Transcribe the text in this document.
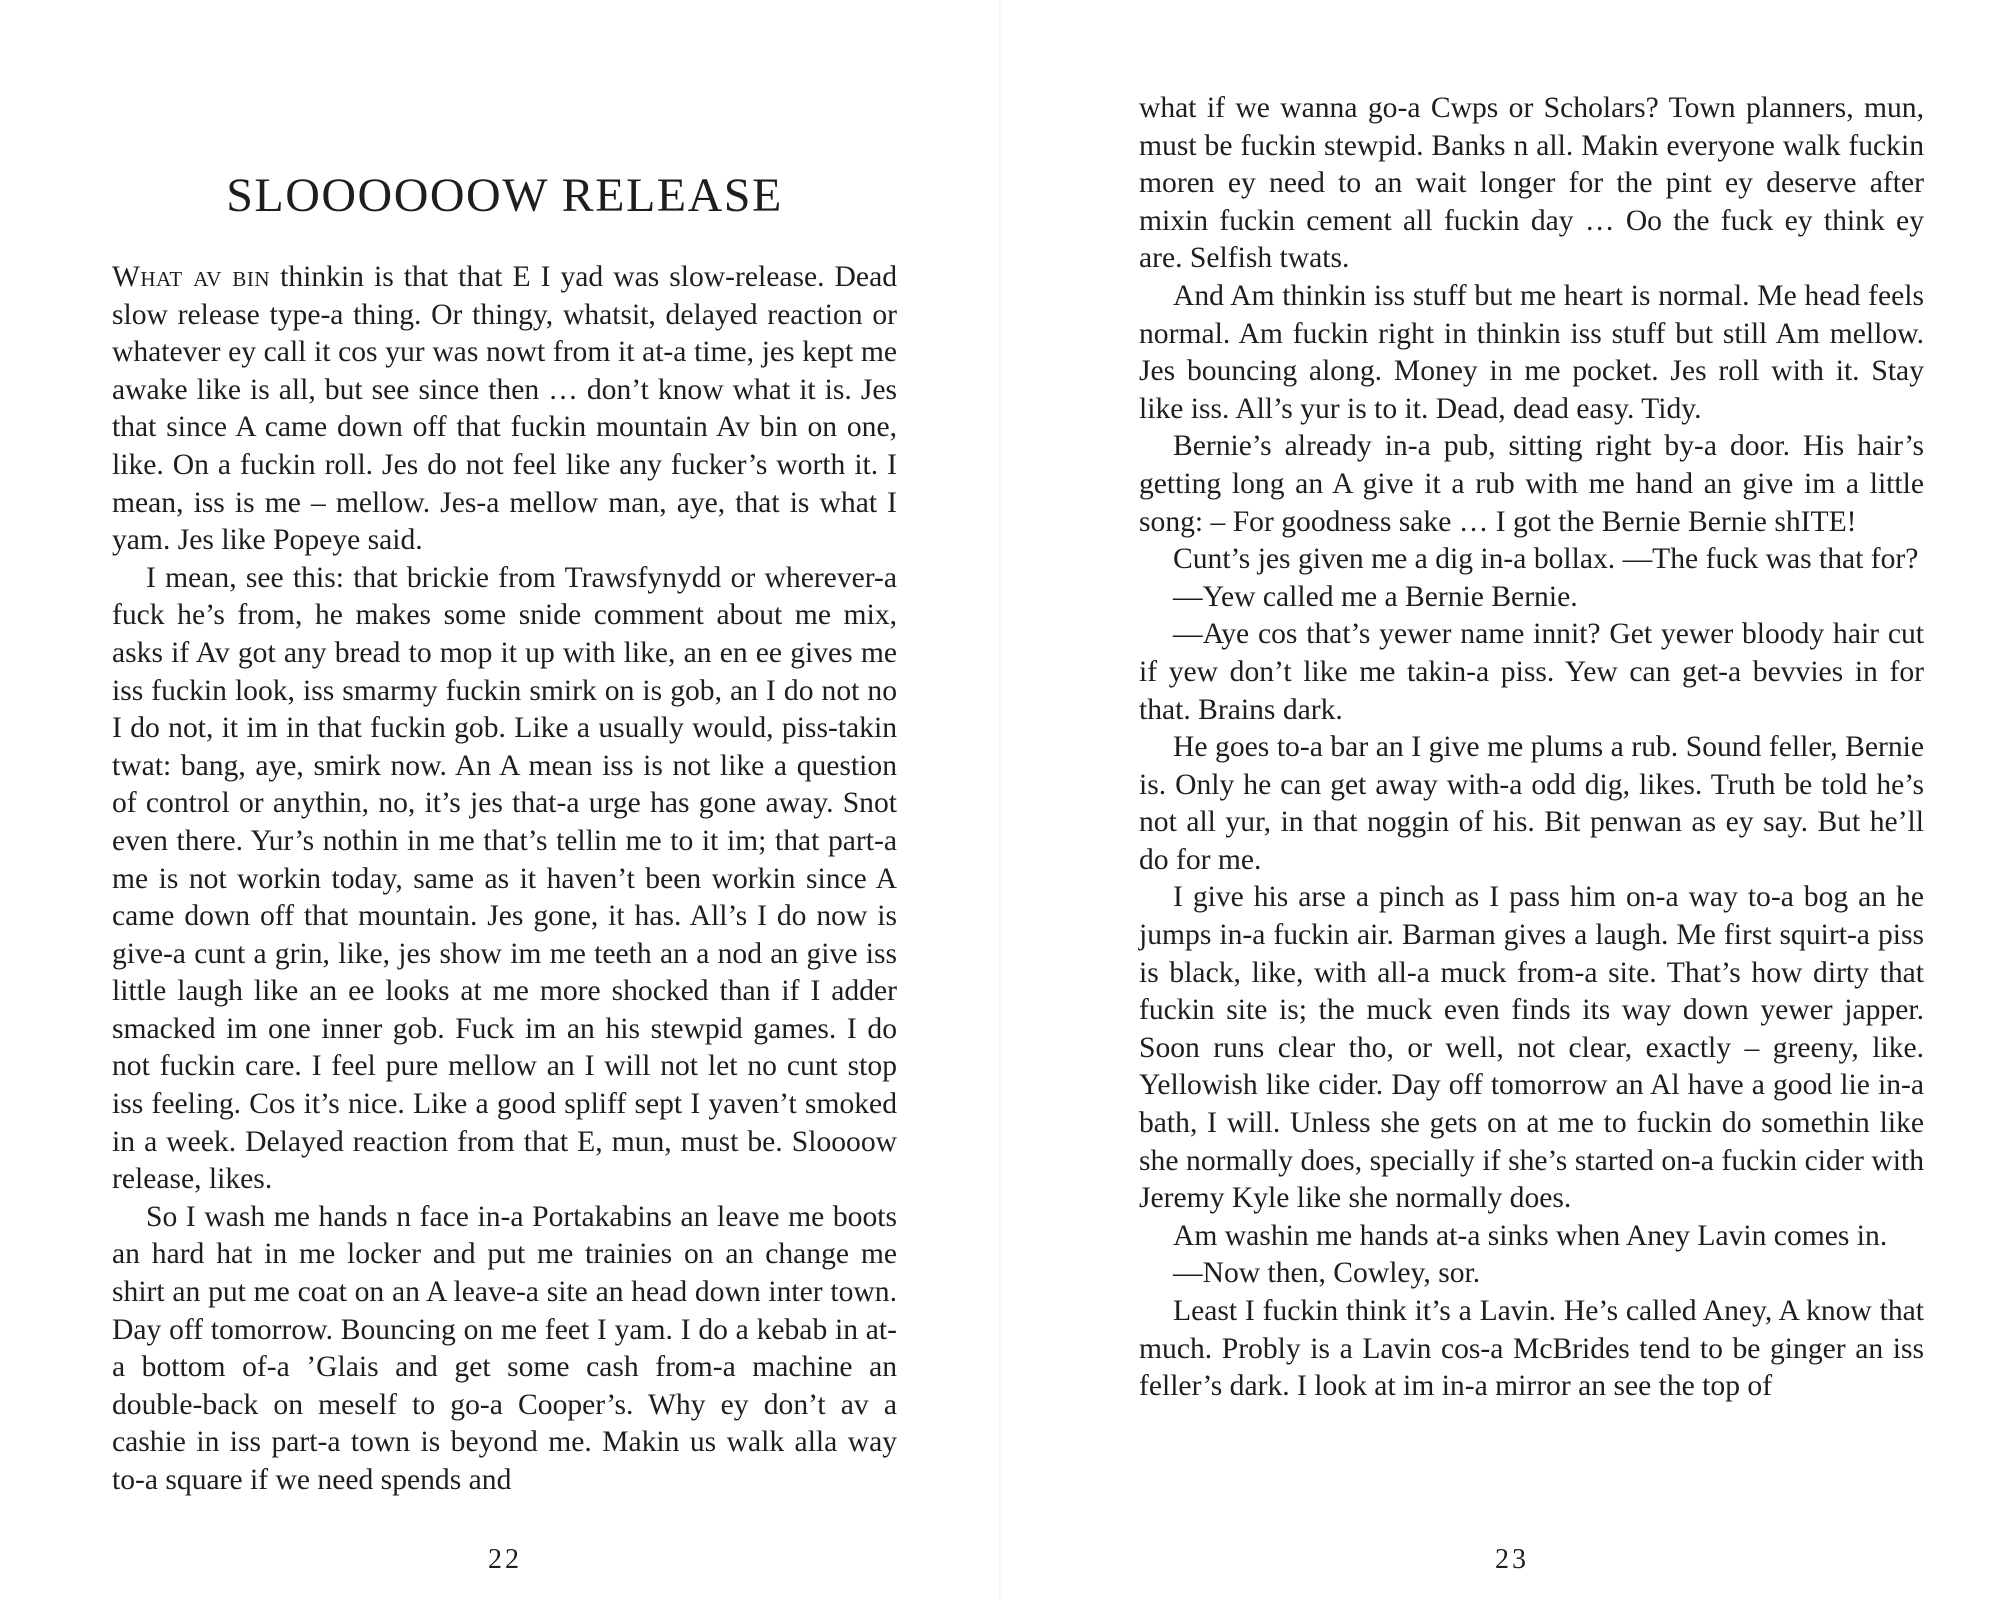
SLOOOOOOW RELEASE

What av bin thinkin is that that E I yad was slow-release. Dead slow release type-a thing. Or thingy, whatsit, delayed reaction or whatever ey call it cos yur was nowt from it at-a time, jes kept me awake like is all, but see since then … don’t know what it is. Jes that since A came down off that fuckin mountain Av bin on one, like. On a fuckin roll. Jes do not feel like any fucker’s worth it. I mean, iss is me – mellow. Jes-a mellow man, aye, that is what I yam. Jes like Popeye said.

I mean, see this: that brickie from Trawsfynydd or wherever-a fuck he’s from, he makes some snide comment about me mix, asks if Av got any bread to mop it up with like, an en ee gives me iss fuckin look, iss smarmy fuckin smirk on is gob, an I do not no I do not, it im in that fuckin gob. Like a usually would, piss-takin twat: bang, aye, smirk now. An A mean iss is not like a question of control or anythin, no, it’s jes that-a urge has gone away. Snot even there. Yur’s nothin in me that’s tellin me to it im; that part-a me is not workin today, same as it haven’t been workin since A came down off that mountain. Jes gone, it has. All’s I do now is give-a cunt a grin, like, jes show im me teeth an a nod an give iss little laugh like an ee looks at me more shocked than if I adder smacked im one inner gob. Fuck im an his stewpid games. I do not fuckin care. I feel pure mellow an I will not let no cunt stop iss feeling. Cos it’s nice. Like a good spliff sept I yaven’t smoked in a week. Delayed reaction from that E, mun, must be. Sloooow release, likes.

So I wash me hands n face in-a Portakabins an leave me boots an hard hat in me locker and put me trainies on an change me shirt an put me coat on an A leave-a site an head down inter town. Day off tomorrow. Bouncing on me feet I yam. I do a kebab in at-a bottom of-a ’Glais and get some cash from-a machine an double-back on meself to go-a Cooper’s. Why ey don’t av a cashie in iss part-a town is beyond me. Makin us walk alla way to-a square if we need spends and

22

what if we wanna go-a Cwps or Scholars? Town planners, mun, must be fuckin stewpid. Banks n all. Makin everyone walk fuckin moren ey need to an wait longer for the pint ey deserve after mixin fuckin cement all fuckin day … Oo the fuck ey think ey are. Selfish twats.

And Am thinkin iss stuff but me heart is normal. Me head feels normal. Am fuckin right in thinkin iss stuff but still Am mellow. Jes bouncing along. Money in me pocket. Jes roll with it. Stay like iss. All’s yur is to it. Dead, dead easy. Tidy.

Bernie’s already in-a pub, sitting right by-a door. His hair’s getting long an A give it a rub with me hand an give im a little song: – For goodness sake … I got the Bernie Bernie shITE!

Cunt’s jes given me a dig in-a bollax. —The fuck was that for?

—Yew called me a Bernie Bernie.

—Aye cos that’s yewer name innit? Get yewer bloody hair cut if yew don’t like me takin-a piss. Yew can get-a bevvies in for that. Brains dark.

He goes to-a bar an I give me plums a rub. Sound feller, Bernie is. Only he can get away with-a odd dig, likes. Truth be told he’s not all yur, in that noggin of his. Bit penwan as ey say. But he’ll do for me.

I give his arse a pinch as I pass him on-a way to-a bog an he jumps in-a fuckin air. Barman gives a laugh. Me first squirt-a piss is black, like, with all-a muck from-a site. That’s how dirty that fuckin site is; the muck even finds its way down yewer japper. Soon runs clear tho, or well, not clear, exactly – greeny, like. Yellowish like cider. Day off tomorrow an Al have a good lie in-a bath, I will. Unless she gets on at me to fuckin do somethin like she normally does, specially if she’s started on-a fuckin cider with Jeremy Kyle like she normally does.

Am washin me hands at-a sinks when Aney Lavin comes in.

—Now then, Cowley, sor.

Least I fuckin think it’s a Lavin. He’s called Aney, A know that much. Probly is a Lavin cos-a McBrides tend to be ginger an iss feller’s dark. I look at im in-a mirror an see the top of

23
